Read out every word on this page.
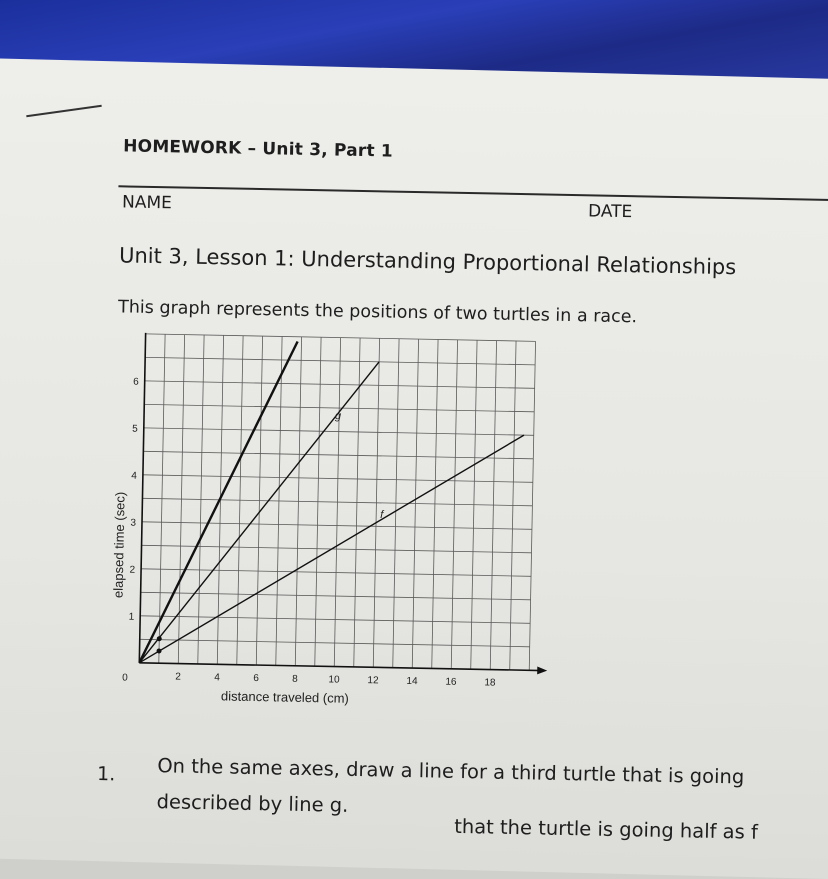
HOMEWORK – Unit 3, Part 1
NAME	DATE
Unit 3, Lesson 1: Understanding Proportional Relationships
This graph represents the positions of two turtles in a race.
2	4	6	8	10	12	14	16	18
1
2
3
4
5
6
0
distance traveled (cm)
elapsed time (sec)
g
f
1. On the same axes, draw a line for a third turtle that is going
described by line g.
that the turtle is going half as f
